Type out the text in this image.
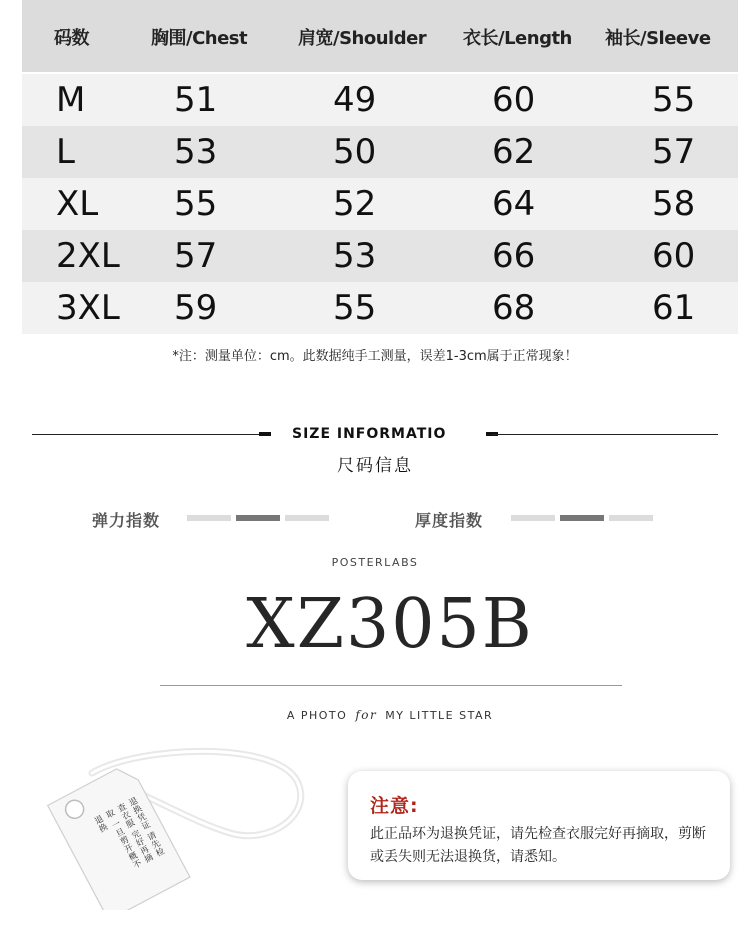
码数	胸围/Chest	肩宽/Shoulder 衣长/Length 袖长/Sleeve
M	51	49	60	55
L	53	50	62	57
XL 55	52	64	58
2XL 57	53	66	60
3XL 59	55	68	61
*注：测量单位：cm。此数据纯手工测量，误差1-3cm属于正常现象！
SIZE INFORMATIO
尺码信息
弹力指数	厚度指数
POSTERLABS
XZ305B
A PHOTO for MY LITTLE STAR
退换凭证 请先检查衣服 完好再摘取 一旦剪开概不退换
注意:
此正品环为退换凭证，请先检查衣服完好再摘取，剪断或丢失则无法退换货，请悉知。
